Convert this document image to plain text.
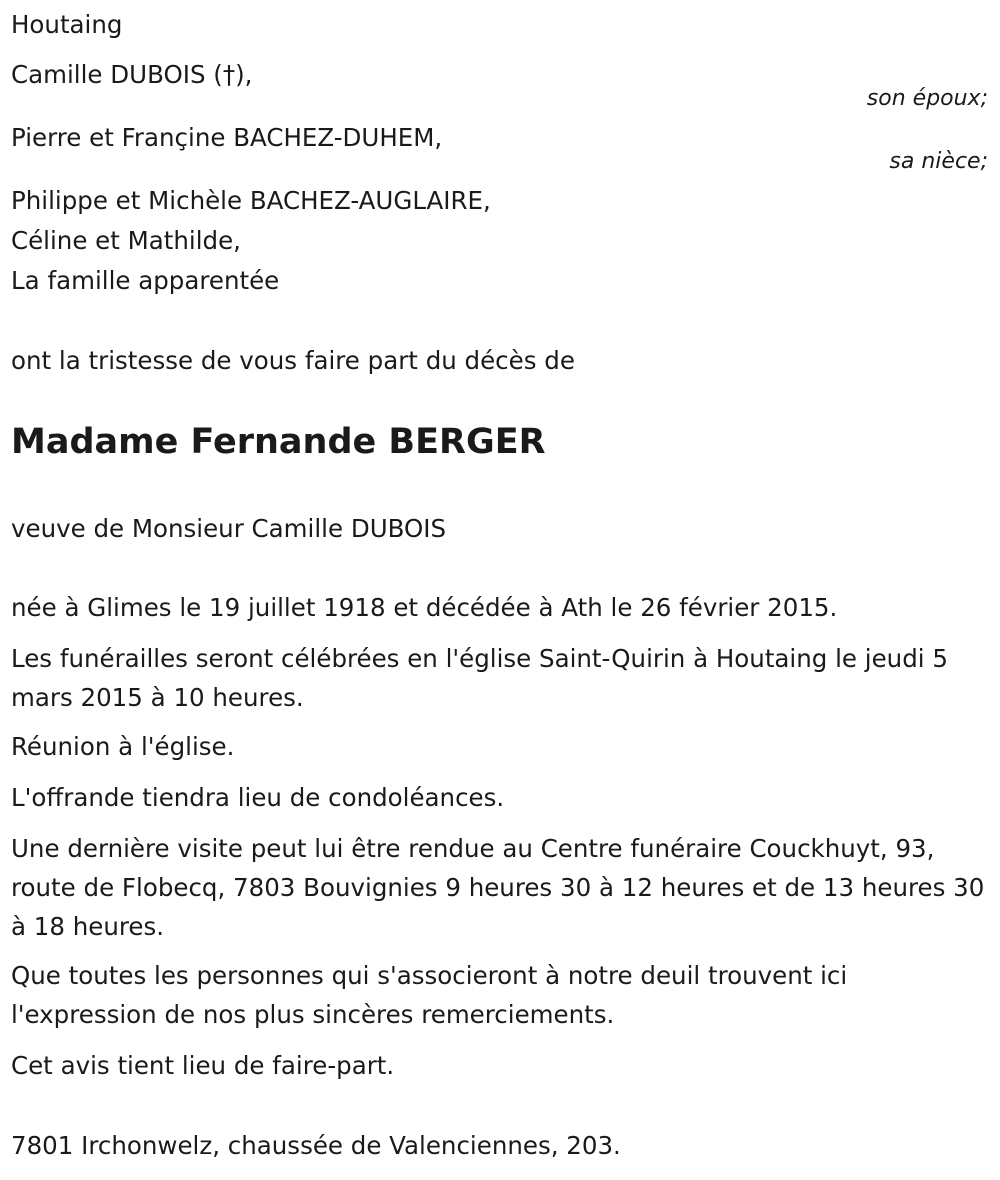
Houtaing

Camille DUBOIS (†),

son époux;

Pierre et Françine BACHEZ-DUHEM,

sa nièce;

Philippe et Michèle BACHEZ-AUGLAIRE,

Céline et Mathilde,

La famille apparentée

ont la tristesse de vous faire part du décès de

Madame Fernande BERGER

veuve de Monsieur Camille DUBOIS

née à Glimes le 19 juillet 1918 et décédée à Ath le 26 février 2015.

Les funérailles seront célébrées en l'église Saint-Quirin à Houtaing le jeudi 5 mars 2015 à 10 heures.

Réunion à l'église.

L'offrande tiendra lieu de condoléances.

Une dernière visite peut lui être rendue au Centre funéraire Couckhuyt, 93, route de Flobecq, 7803 Bouvignies 9 heures 30 à 12 heures et de 13 heures 30 à 18 heures.

Que toutes les personnes qui s'associeront à notre deuil trouvent ici l'expression de nos plus sincères remerciements.

Cet avis tient lieu de faire-part.

7801 Irchonwelz, chaussée de Valenciennes, 203.
